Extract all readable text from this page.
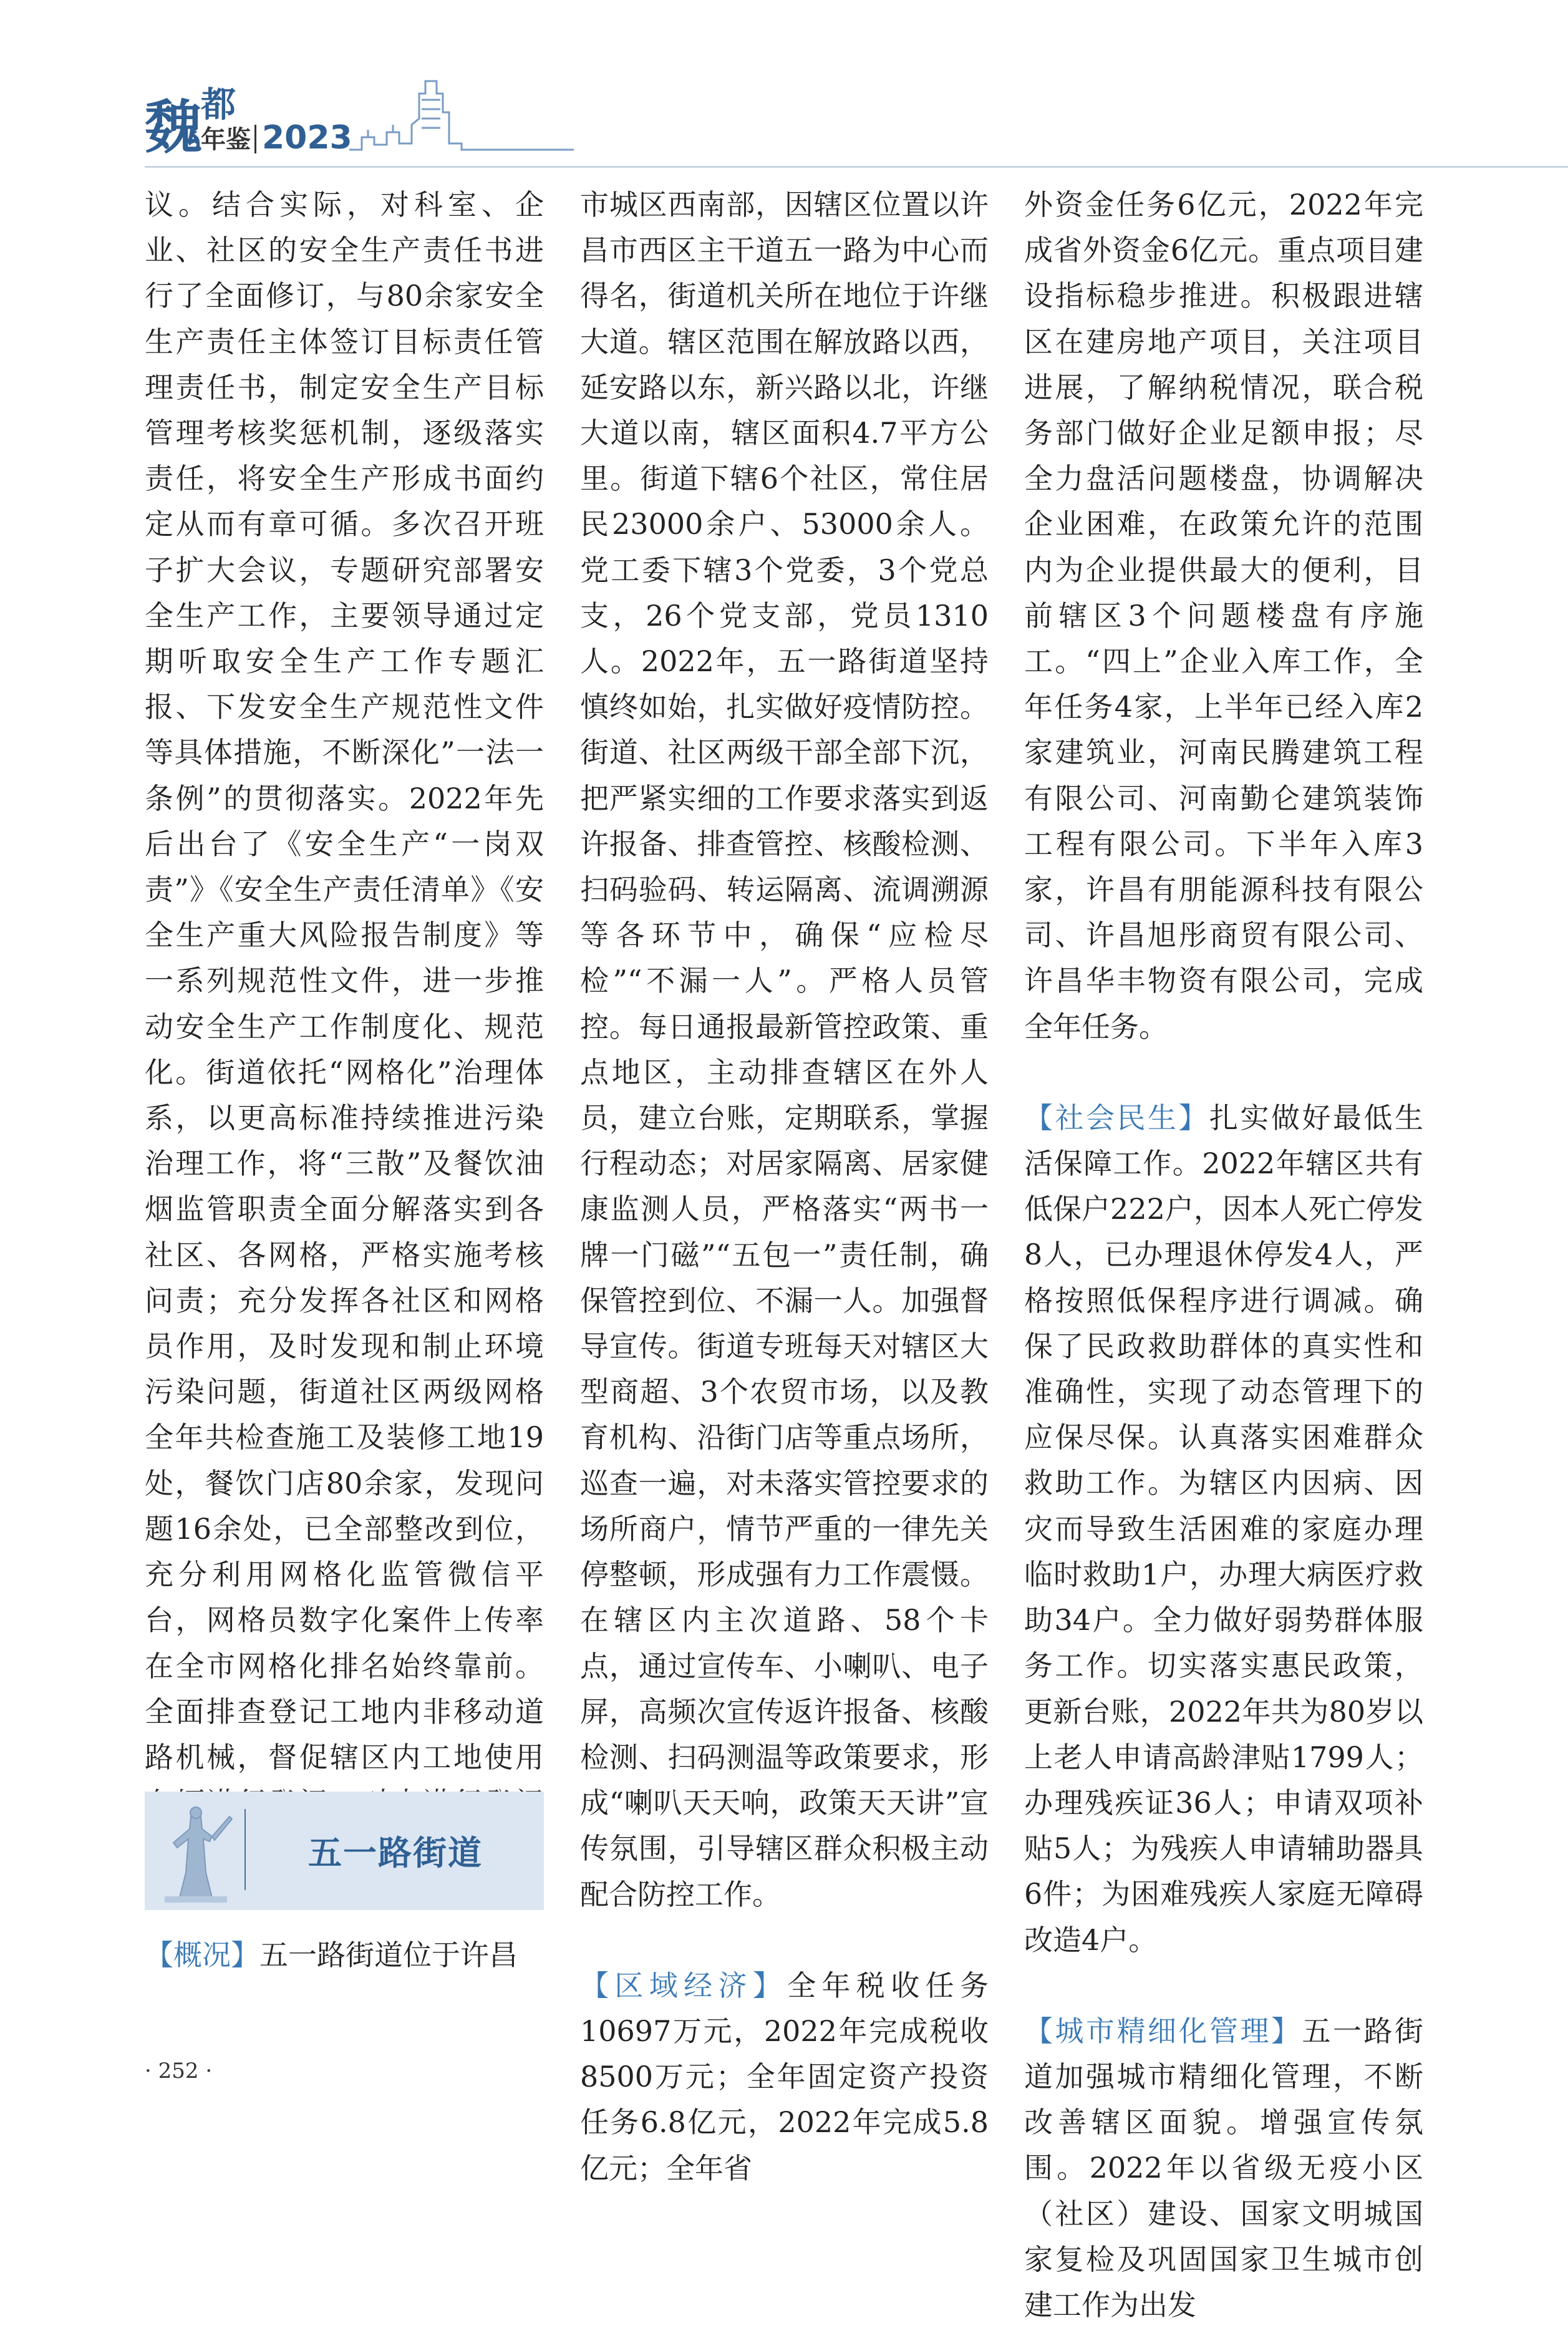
魏
都
年鉴 2023

议。结合实际，对科室、企业、社区的安全生产责任书进行了全面修订，与80余家安全生产责任主体签订目标责任管理责任书，制定安全生产目标管理考核奖惩机制，逐级落实责任，将安全生产形成书面约定从而有章可循。多次召开班子扩大会议，专题研究部署安全生产工作，主要领导通过定期听取安全生产工作专题汇报、下发安全生产规范性文件等具体措施，不断深化”一法一条例”的贯彻落实。2022年先后出台了《安全生产“一岗双责”》《安全生产责任清单》《安全生产重大风险报告制度》等一系列规范性文件，进一步推动安全生产工作制度化、规范化。街道依托“网格化”治理体系，以更高标准持续推进污染治理工作，将“三散”及餐饮油烟监管职责全面分解落实到各社区、各网格，严格实施考核问责；充分发挥各社区和网格员作用，及时发现和制止环境污染问题，街道社区两级网格全年共检查施工及装修工地19处，餐饮门店80余家，发现问题16余处，已全部整改到位，充分利用网格化监管微信平台，网格员数字化案件上传率在全市网格化排名始终靠前。全面排查登记工地内非移动道路机械，督促辖区内工地使用

五一路街道
【概况】五一路街道位于许昌

市城区西南部，因辖区位置以许昌市西区主干道五一路为中心而得名，街道机关所在地位于许继大道。辖区范围在解放路以西，延安路以东，新兴路以北，许继大道以南，辖区面积4.7平方公里。街道下辖6个社区，常住居民23000余户、53000余人。党工委下辖3个党委，3个党总支，26个党支部，党员1310人。2022年，五一路街道坚持慎终如始，扎实做好疫情防控。街道、社区两级干部全部下沉，把严紧实细的工作要求落实到返许报备、排查管控、核酸检测、扫码验码、转运隔离、流调溯源等各环节中，确保“应检尽检”“不漏一人”。严格人员管控。每日通报最新管控政策、重点地区，主动排查辖区在外人员，建立台账，定期联系，掌握行程动态；对居家隔离、居家健康监测人员，严格落实“两书一牌一门磁”“五包一”责任制，确保管控到位、不漏一人。加强督导宣传。街道专班每天对辖区大型商超、3个农贸市场，以及教育机构、沿街门店等重点场所，巡查一遍，对未落实管控要求的场所商户，情节严重的一律先关停整顿，形成强有力工作震慑。在辖区内主次道路、58个卡点，通过宣传车、小喇叭、电子屏，高频次宣传返许报备、核酸检测、扫码测温等政策要求，形成“喇叭天天响，政策天天讲”宣传氛围，引导辖区群众积极主动配合防控工作。

【区域经济】全年税收任务10697万元，2022年完成税收8500万元；全年固定资产投资任务6.8亿元，2022年完成5.8亿元；全年省

外资金任务6亿元，2022年完成省外资金6亿元。重点项目建设指标稳步推进。积极跟进辖区在建房地产项目，关注项目进展，了解纳税情况，联合税务部门做好企业足额申报；尽全力盘活问题楼盘，协调解决企业困难，在政策允许的范围内为企业提供最大的便利，目前辖区3个问题楼盘有序施工。“四上”企业入库工作，全年任务4家，上半年已经入库2家建筑业，河南民腾建筑工程有限公司、河南勤仑建筑装饰工程有限公司。下半年入库3家，许昌有朋能源科技有限公司、许昌旭彤商贸有限公司、许昌华丰物资有限公司，完成全年任务。

【社会民生】扎实做好最低生活保障工作。2022年辖区共有低保户222户，因本人死亡停发8人，已办理退休停发4人，严格按照低保程序进行调减。确保了民政救助群体的真实性和准确性，实现了动态管理下的应保尽保。认真落实困难群众救助工作。为辖区内因病、因灾而导致生活困难的家庭办理临时救助1户，办理大病医疗救助34户。全力做好弱势群体服务工作。切实落实惠民政策，更新台账，2022年共为80岁以上老人申请高龄津贴1799人；办理残疾证36人；申请双项补贴5人；为残疾人申请辅助器具6件；为困难残疾人家庭无障碍改造4户。

【城市精细化管理】五一路街道加强城市精细化管理，不断改善辖区面貌。增强宣传氛围。2022年以省级无疫小区（社区）建设、国家文明城国家复检及巩固国家卫生城市创建工作为出发

· 252 ·
